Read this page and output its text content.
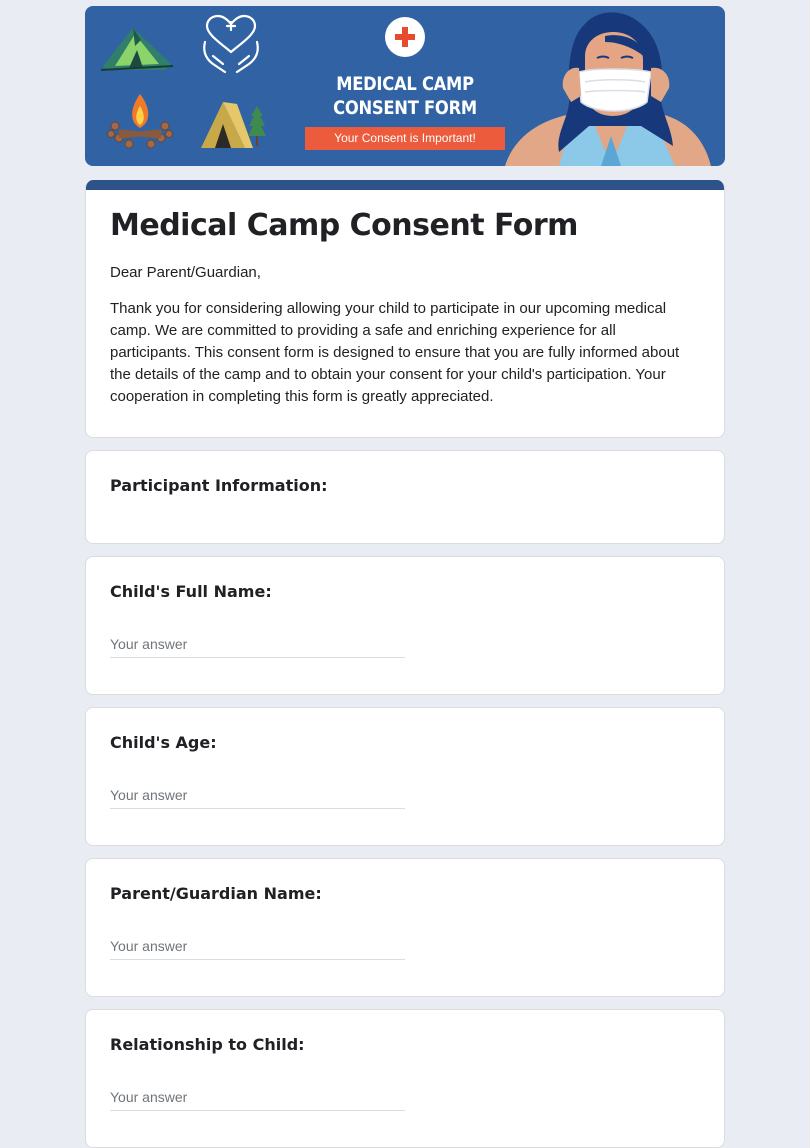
MEDICAL CAMP
CONSENT FORM
Your Consent is Important!
Medical Camp Consent Form

Dear Parent/Guardian,

Thank you for considering allowing your child to participate in our upcoming medical camp. We are committed to providing a safe and enriching experience for all participants. This consent form is designed to ensure that you are fully informed about the details of the camp and to obtain your consent for your child's participation. Your cooperation in completing this form is greatly appreciated.

Participant Information:
Child's Full Name:
Your answer
Child's Age:
Your answer
Parent/Guardian Name:
Your answer
Relationship to Child:
Your answer
